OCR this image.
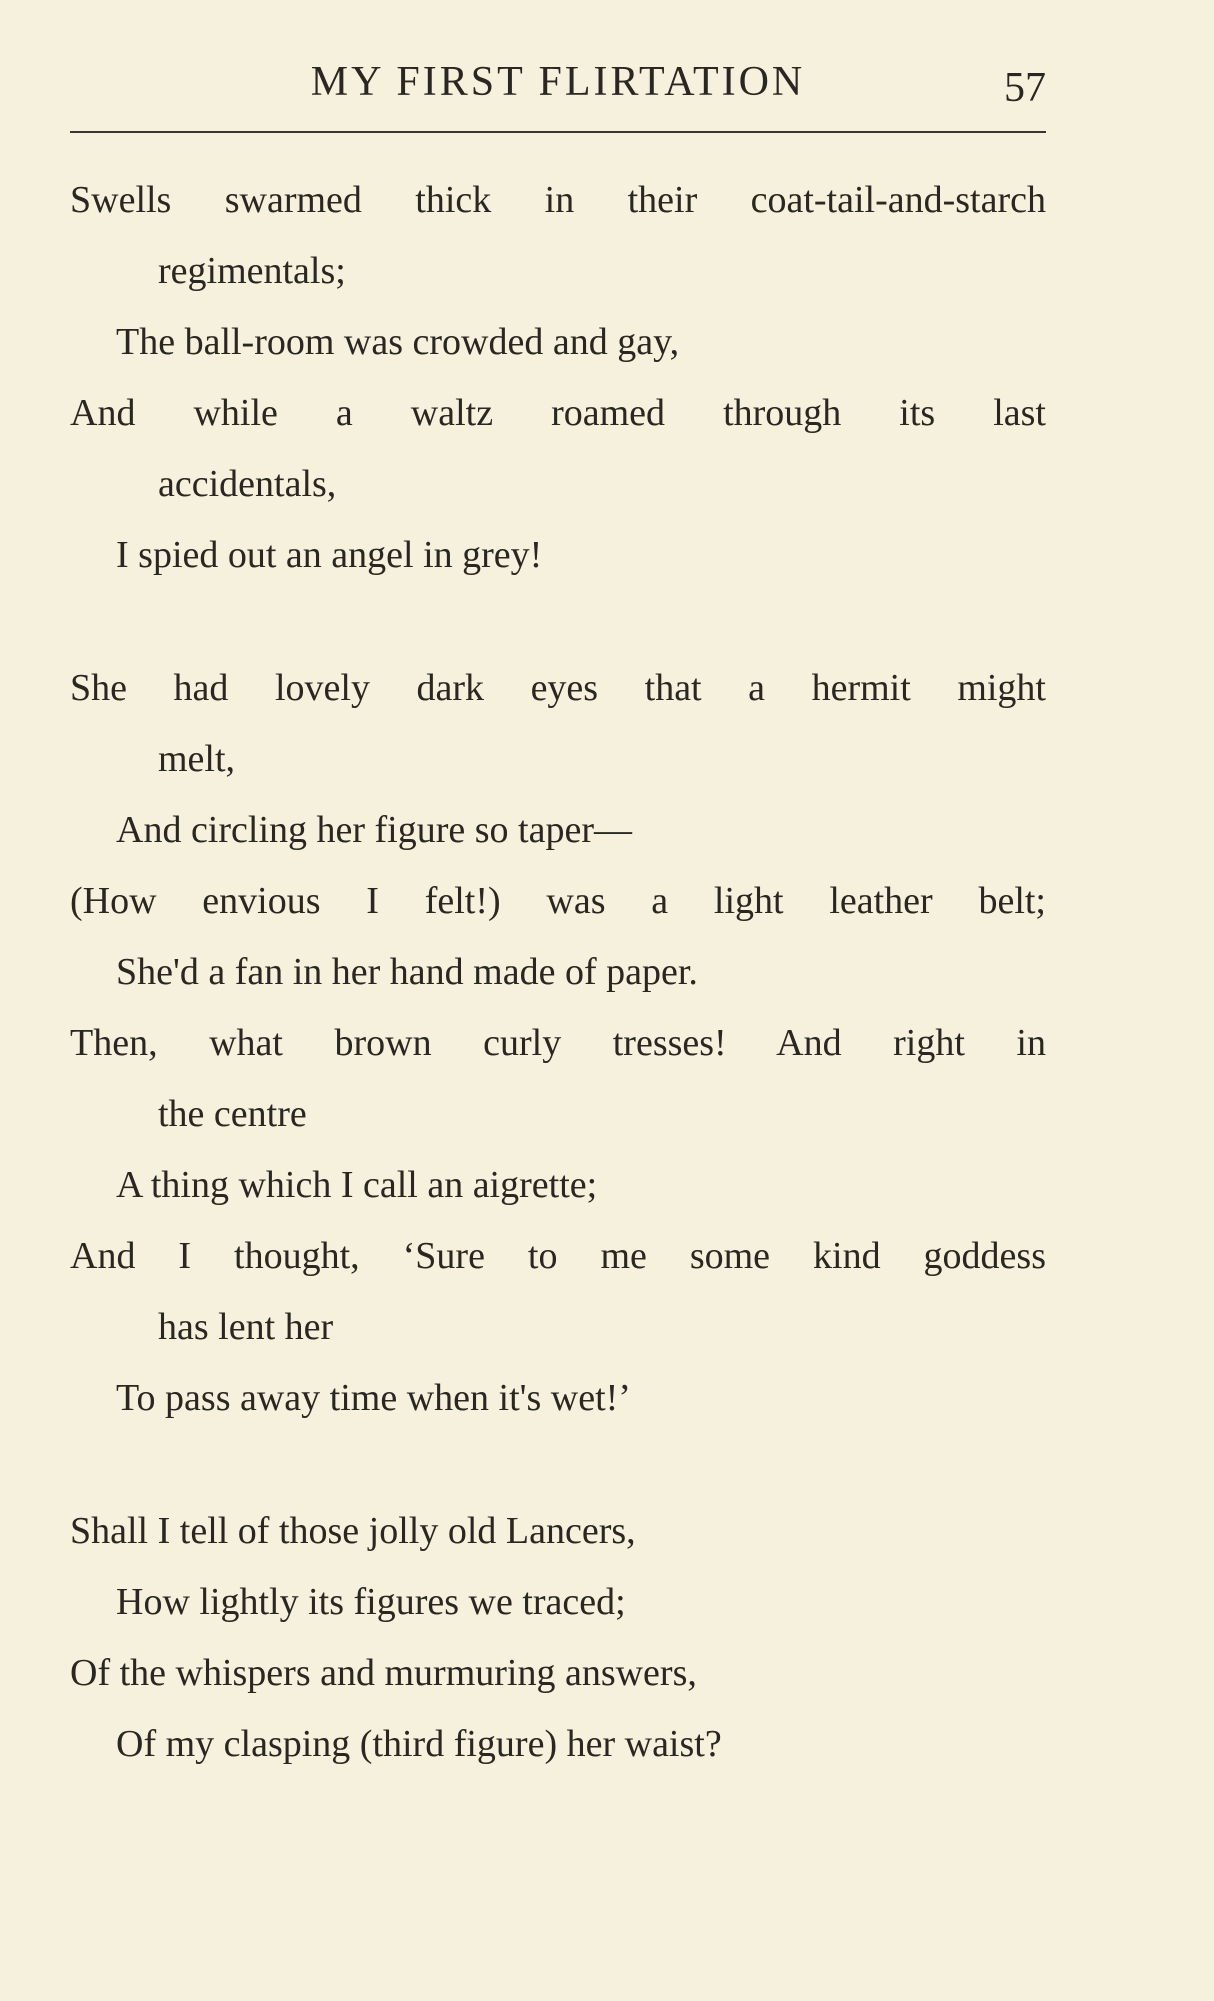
MY FIRST FLIRTATION	57
Swells swarmed thick in their coat-tail-and-starch
regimentals;
The ball-room was crowded and gay,
And while a waltz roamed through its last
accidentals,
I spied out an angel in grey!
She had lovely dark eyes that a hermit might
melt,
And circling her figure so taper—
(How envious I felt!) was a light leather belt;
She'd a fan in her hand made of paper.
Then, what brown curly tresses! And right in
the centre
A thing which I call an aigrette;
And I thought, ‘Sure to me some kind goddess
has lent her
To pass away time when it's wet!’
Shall I tell of those jolly old Lancers,
How lightly its figures we traced;
Of the whispers and murmuring answers,
Of my clasping (third figure) her waist?
